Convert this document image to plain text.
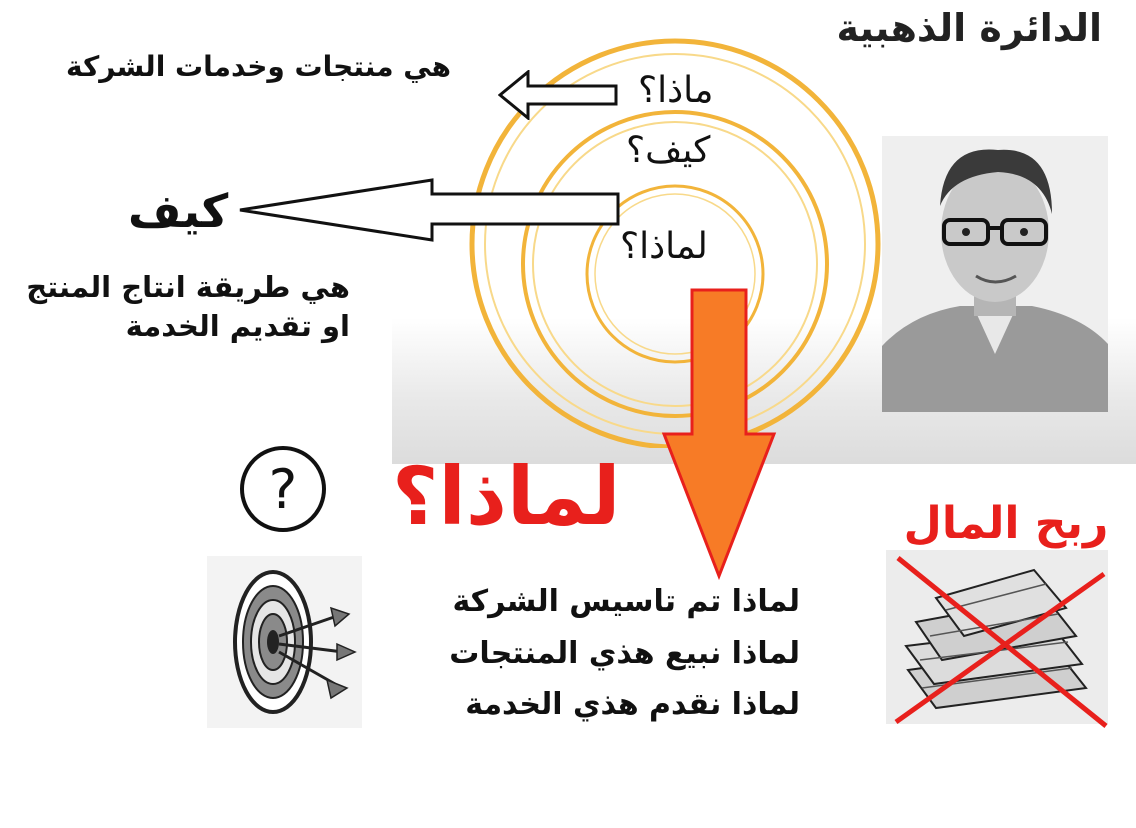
الدائرة الذهبية
ماذا؟
كيف؟
لماذا؟
هي منتجات وخدمات الشركة
كيف
هي طريقة انتاج المنتج
او تقديم الخدمة
لماذا؟
لماذا تم تاسيس الشركة
لماذا نبيع هذي المنتجات
لماذا نقدم هذي الخدمة
?
ربح المال
